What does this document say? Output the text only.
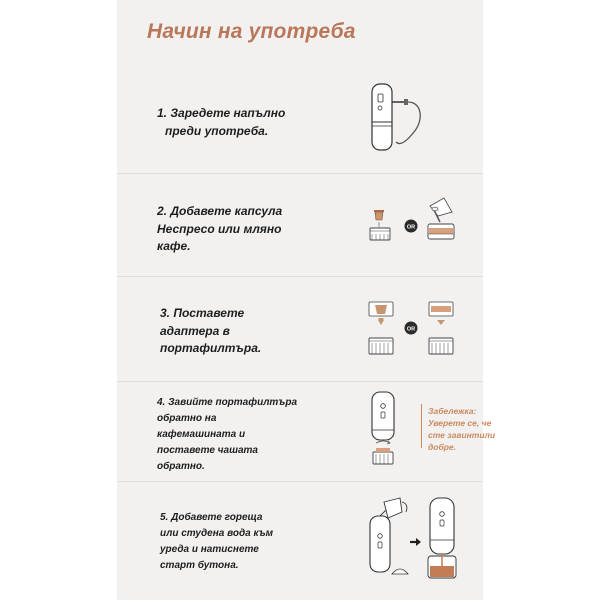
Начин на употреба
1. Заредете напълно
преди употреба.
2. Добавете капсула
Неспресо или мляно
кафе.
OR
3. Поставете
адаптера в
портафилтъра.
OR
4. Завийте портафилтъра
обратно на
кафемашината и
поставете чашата
обратно.
Забележка:
Уверете се, че
сте завинтили
добре.
5. Добавете гореща
или студена вода към
уреда и натиснете
старт бутона.
